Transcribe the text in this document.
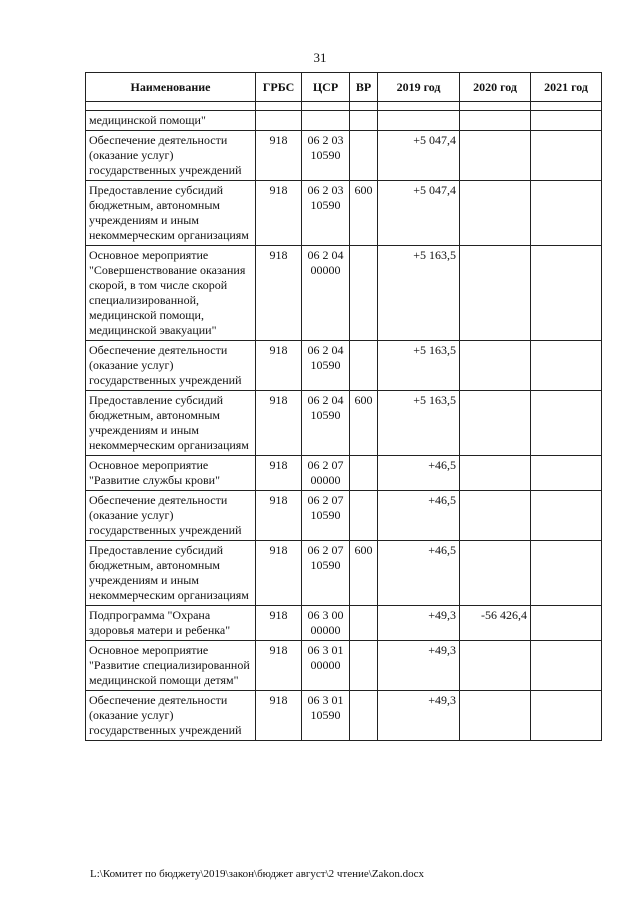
31
Наименование	ГРБС	ЦСР	ВР	2019 год	2020 год	2021 год

медицинской помощи"						
Обеспечение деятельности (оказание услуг) государственных учреждений	918	06 2 03 10590		+5 047,4		
Предоставление субсидий бюджетным, автономным учреждениям и иным некоммерческим организациям	918	06 2 03 10590	600	+5 047,4		
Основное мероприятие "Совершенствование оказания скорой, в том числе скорой специализированной, медицинской помощи, медицинской эвакуации"	918	06 2 04 00000		+5 163,5		
Обеспечение деятельности (оказание услуг) государственных учреждений	918	06 2 04 10590		+5 163,5		
Предоставление субсидий бюджетным, автономным учреждениям и иным некоммерческим организациям	918	06 2 04 10590	600	+5 163,5		
Основное мероприятие "Развитие службы крови"	918	06 2 07 00000		+46,5		
Обеспечение деятельности (оказание услуг) государственных учреждений	918	06 2 07 10590		+46,5		
Предоставление субсидий бюджетным, автономным учреждениям и иным некоммерческим организациям	918	06 2 07 10590	600	+46,5		
Подпрограмма "Охрана здоровья матери и ребенка"	918	06 3 00 00000		+49,3	-56 426,4	
Основное мероприятие "Развитие специализированной медицинской помощи детям"	918	06 3 01 00000		+49,3		
Обеспечение деятельности (оказание услуг) государственных учреждений	918	06 3 01 10590		+49,3		
L:\Комитет по бюджету\2019\закон\бюджет август\2 чтение\Zakon.docx
